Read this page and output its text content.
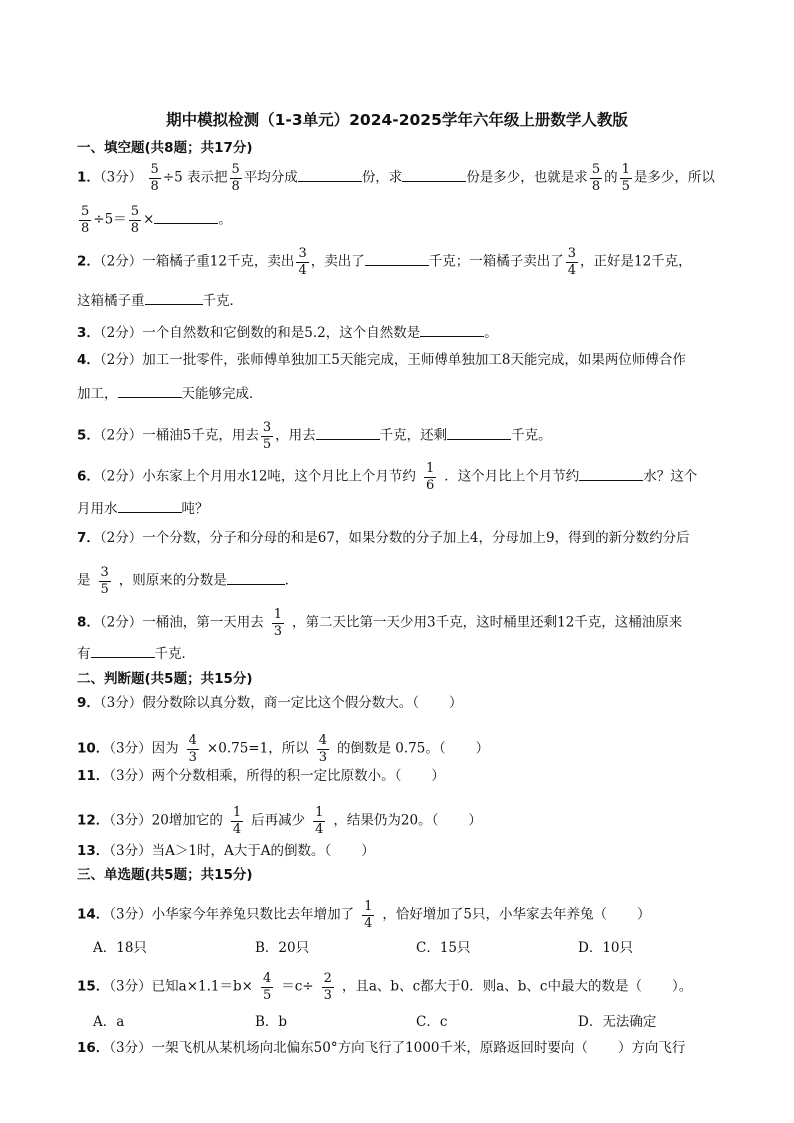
期中模拟检测（1-3单元）2024-2025学年六年级上册数学人教版
一、填空题(共8题；共17分)
1．（3分） $\frac{5}{8} \div 5$ 表示把 $\frac{5}{8}$ 平均分成	份，求	份是多少，也就是求 $\frac{5}{8}$ 的 $\frac{1}{5}$ 是多少，所以
$\frac{5}{8} \div 5= \frac{5}{8}$ ×	。
2．（2分）一箱橘子重12千克，卖出 $\frac{3}{4}$ ，卖出了	千克；一箱橘子卖出了 $\frac{3}{4}$ ，正好是12千克，
这箱橘子重	千克．
3．（2分）一个自然数和它倒数的和是5.2，这个自然数是	。
4．（2分）加工一批零件，张师傅单独加工5天能完成，王师傅单独加工8天能完成，如果两位师傅合作
加工，	天能够完成．
5．（2分）一桶油5千克，用去 $\frac{3}{5}$ ，用去	千克，还剩	千克。
6．（2分）小东家上个月用水12吨，这个月比上个月节约 $\frac{1}{6}$ ．这个月比上个月节约	水？这个
月用水	吨？
7．（2分）一个分数，分子和分母的和是67，如果分数的分子加上4，分母加上9，得到的新分数约分后
是 $\frac{3}{5}$ ，则原来的分数是	．
8．（2分）一桶油，第一天用去 $\frac{1}{3}$ ，第二天比第一天少用3千克，这时桶里还剩12千克，这桶油原来
有	千克．
二、判断题(共5题；共15分)
9．（3分）假分数除以真分数，商一定比这个假分数大。（ ）
10．（3分）因为 $\frac{4}{3} \times 0.75=1$，所以 $\frac{4}{3}$ 的倒数是 0.75。（ ）
11．（3分）两个分数相乘，所得的积一定比原数小。（ ）
12．（3分）20增加它的 $\frac{1}{4}$ 后再减少 $\frac{1}{4}$ ，结果仍为20。（ ）
13．（3分）当A＞1时，A大于A的倒数。（ ）
三、单选题(共5题；共15分)
14．（3分）小华家今年养兔只数比去年增加了 $\frac{1}{4}$ ，恰好增加了5只，小华家去年养兔（ ）
A．18只	B．20只	C．15只	D．10只
15．（3分）已知$a\times 1.1=b\times \frac{4}{5} =c\div \frac{2}{3}$ ，且a、b、c都大于0．则a、b、c中最大的数是（ ）。
A．a	B．b	C．c	D．无法确定
16．（3分）一架飞机从某机场向北偏东50°方向飞行了1000千米，原路返回时要向（ ）方向飞行
